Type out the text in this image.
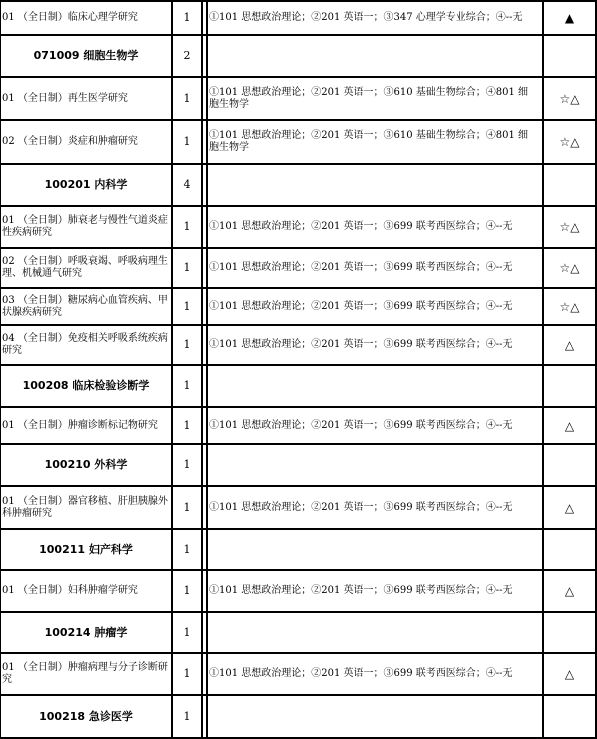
01 （全日制）临床心理学研究	1		①101 思想政治理论；②201 英语一；③347 心理学专业综合；④--无	▲
071009 细胞生物学	2			
01 （全日制）再生医学研究	1		①101 思想政治理论；②201 英语一；③610 基础生物综合；④801 细胞生物学	☆△
02 （全日制）炎症和肿瘤研究	1		①101 思想政治理论；②201 英语一；③610 基础生物综合；④801 细胞生物学	☆△
100201 内科学	4			
01 （全日制）肺衰老与慢性气道炎症性疾病研究	1		①101 思想政治理论；②201 英语一；③699 联考西医综合；④--无	☆△
02 （全日制）呼吸衰竭、呼吸病理生理、机械通气研究	1		①101 思想政治理论；②201 英语一；③699 联考西医综合；④--无	☆△
03 （全日制）糖尿病心血管疾病、甲状腺疾病研究	1		①101 思想政治理论；②201 英语一；③699 联考西医综合；④--无	☆△
04 （全日制）免疫相关呼吸系统疾病研究	1		①101 思想政治理论；②201 英语一；③699 联考西医综合；④--无	△
100208 临床检验诊断学	1			
01 （全日制）肿瘤诊断标记物研究	1		①101 思想政治理论；②201 英语一；③699 联考西医综合；④--无	△
100210 外科学	1			
01 （全日制）器官移植、肝胆胰腺外科肿瘤研究	1		①101 思想政治理论；②201 英语一；③699 联考西医综合；④--无	△
100211 妇产科学	1			
01 （全日制）妇科肿瘤学研究	1		①101 思想政治理论；②201 英语一；③699 联考西医综合；④--无	△
100214 肿瘤学	1			
01 （全日制）肿瘤病理与分子诊断研究	1		①101 思想政治理论；②201 英语一；③699 联考西医综合；④--无	△
100218 急诊医学	1			
